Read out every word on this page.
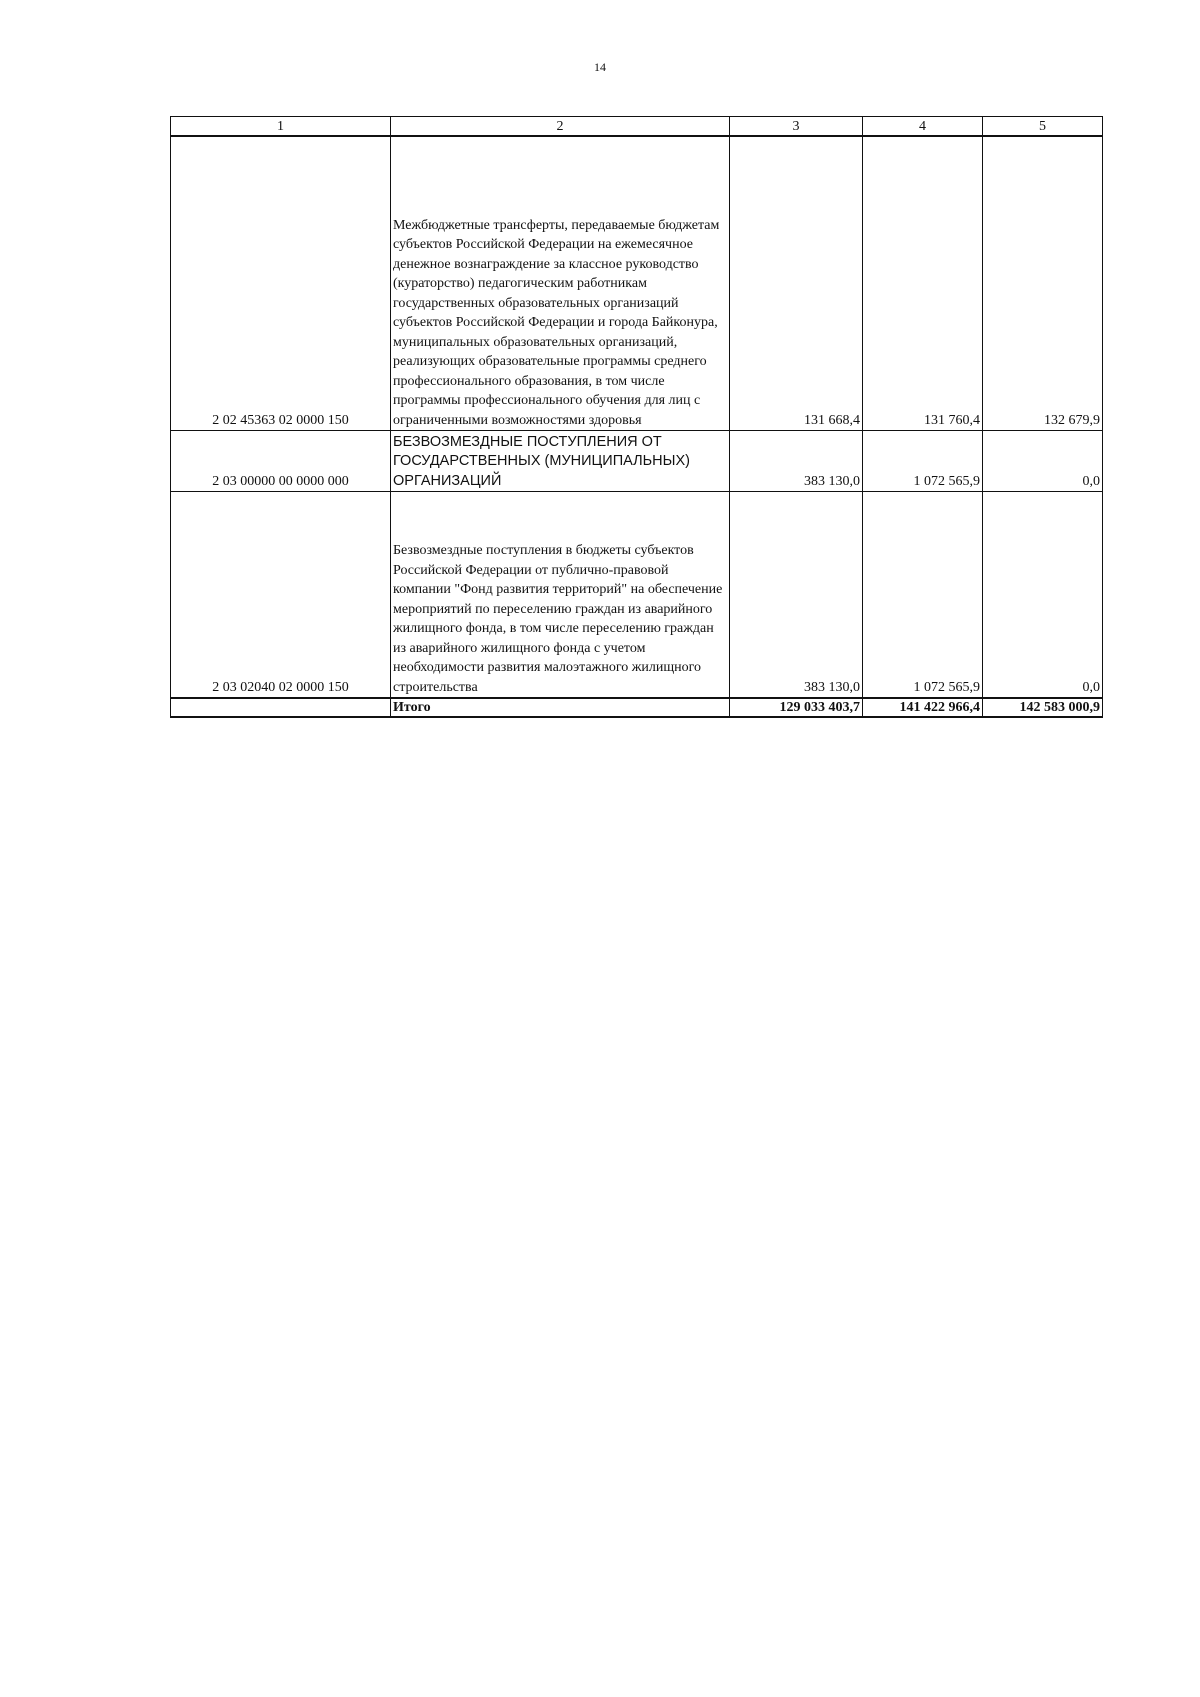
14
1	2	3	4	5
2 02 45363 02 0000 150	Межбюджетные трансферты, передаваемые бюджетам субъектов Российской Федерации на ежемесячное денежное вознаграждение за классное руководство (кураторство) педагогическим работникам государственных образовательных организаций субъектов Российской Федерации и города Байконура, муниципальных образовательных организаций, реализующих образовательные программы среднего профессионального образования, в том числе программы профессионального обучения для лиц с ограниченными возможностями здоровья	131 668,4	131 760,4	132 679,9
2 03 00000 00 0000 000	БЕЗВОЗМЕЗДНЫЕ ПОСТУПЛЕНИЯ ОТ ГОСУДАРСТВЕННЫХ (МУНИЦИПАЛЬНЫХ) ОРГАНИЗАЦИЙ	383 130,0	1 072 565,9	0,0
2 03 02040 02 0000 150	Безвозмездные поступления в бюджеты субъектов Российской Федерации от публично-правовой компании "Фонд развития территорий" на обеспечение мероприятий по переселению граждан из аварийного жилищного фонда, в том числе переселению граждан из аварийного жилищного фонда с учетом необходимости развития малоэтажного жилищного строительства	383 130,0	1 072 565,9	0,0
	Итого	129 033 403,7	141 422 966,4	142 583 000,9
